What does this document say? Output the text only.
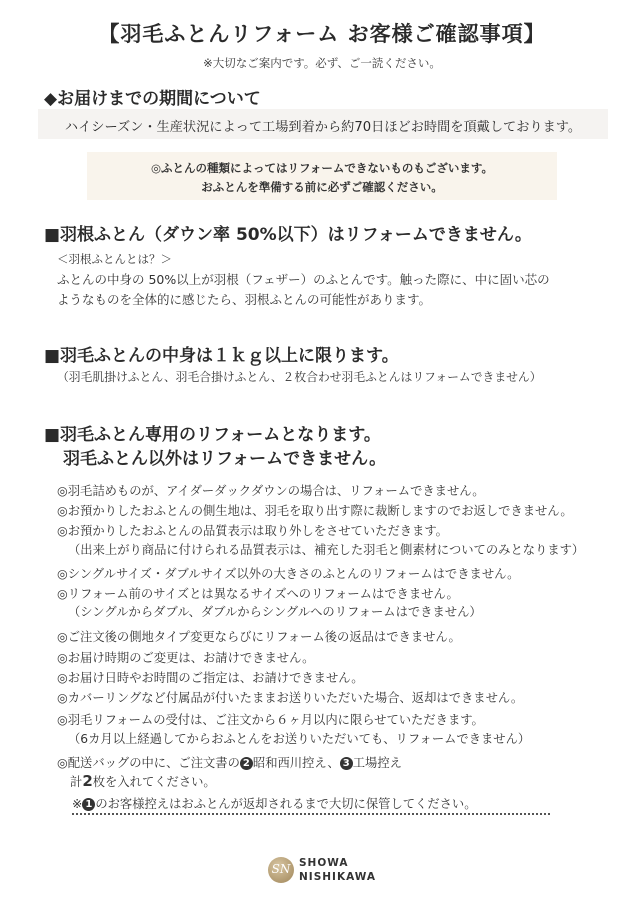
【羽毛ふとんリフォーム お客様ご確認事項】
※大切なご案内です。必ず、ご一読ください。
◆お届けまでの期間について
ハイシーズン・生産状況によって工場到着から約70日ほどお時間を頂戴しております。
◎ふとんの種類によってはリフォームできないものもございます。
おふとんを準備する前に必ずご確認ください。
■羽根ふとん（ダウン率 50%以下）はリフォームできません。
＜羽根ふとんとは？＞
ふとんの中身の 50%以上が羽根（フェザー）のふとんです。触った際に、中に固い芯の
ようなものを全体的に感じたら、羽根ふとんの可能性があります。
■羽毛ふとんの中身は１ｋｇ以上に限ります。
（羽毛肌掛けふとん、羽毛合掛けふとん、２枚合わせ羽毛ふとんはリフォームできません）
■羽毛ふとん専用のリフォームとなります。
羽毛ふとん以外はリフォームできません。
◎羽毛詰めものが、アイダーダックダウンの場合は、リフォームできません。
◎お預かりしたおふとんの側生地は、羽毛を取り出す際に裁断しますのでお返しできません。
◎お預かりしたおふとんの品質表示は取り外しをさせていただきます。
（出来上がり商品に付けられる品質表示は、補充した羽毛と側素材についてのみとなります）
◎シングルサイズ・ダブルサイズ以外の大きさのふとんのリフォームはできません。
◎リフォーム前のサイズとは異なるサイズへのリフォームはできません。
（シングルからダブル、ダブルからシングルへのリフォームはできません）
◎ご注文後の側地タイプ変更ならびにリフォーム後の返品はできません。
◎お届け時期のご変更は、お請けできません。
◎お届け日時やお時間のご指定は、お請けできません。
◎カバーリングなど付属品が付いたままお送りいただいた場合、返却はできません。
◎羽毛リフォームの受付は、ご注文から６ヶ月以内に限らせていただきます。
（6カ月以上経過してからおふとんをお送りいただいても、リフォームできません）
◎配送バッグの中に、ご注文書の 2 昭和西川控え、 3 工場控え
計2枚を入れてください。
※ 1 のお客様控えはおふとんが返却されるまで大切に保管してください。
SN SHOWA
NISHIKAWA
